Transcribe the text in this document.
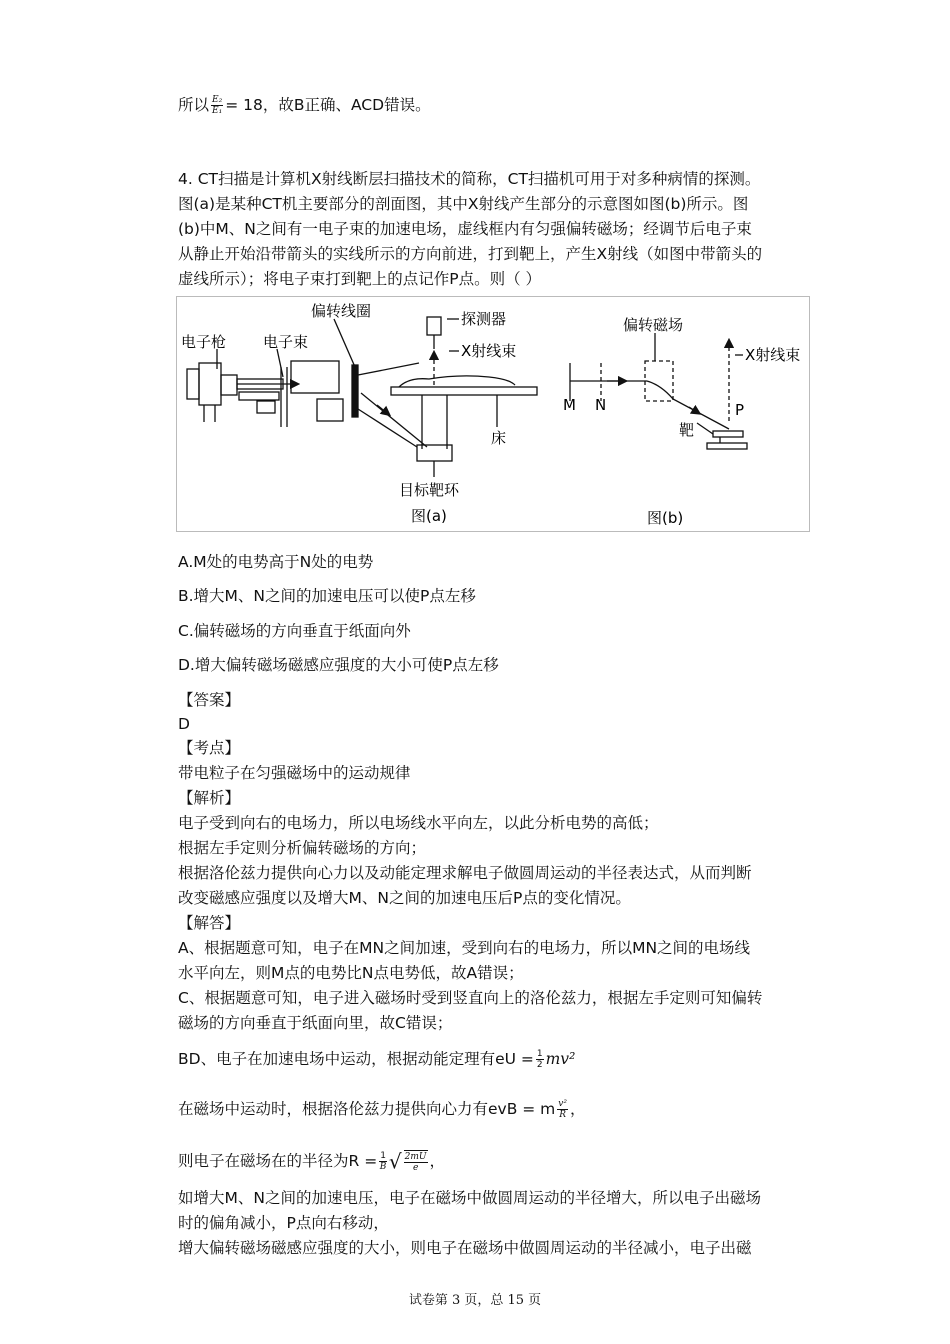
所以 $\frac{\text{E₂}}{\text{E₁}} = 18$，故B正确、ACD错误。
4. CT扫描是计算机X射线断层扫描技术的简称，CT扫描机可用于对多种病情的探测。
图(a)是某种CT机主要部分的剖面图，其中X射线产生部分的示意图如图(b)所示。图
(b)中M、N之间有一电子束的加速电场，虚线框内有匀强偏转磁场；经调节后电子束
从静止开始沿带箭头的实线所示的方向前进，打到靶上，产生X射线（如图中带箭头的
虚线所示）；将电子束打到靶上的点记作P点。则（ ）
电子枪 电子束
偏转线圈	探测器
X射线束
床
目标靶环
图(a)
偏转磁场
X射线束
M N	P
靶
图(b)
A.M处的电势高于N处的电势
B.增大M、N之间的加速电压可以使P点左移
C.偏转磁场的方向垂直于纸面向外
D.增大偏转磁场磁感应强度的大小可使P点左移
【答案】
D
【考点】
带电粒子在匀强磁场中的运动规律
【解析】
电子受到向右的电场力，所以电场线水平向左，以此分析电势的高低；
根据左手定则分析偏转磁场的方向；
根据洛伦兹力提供向心力以及动能定理求解电子做圆周运动的半径表达式，从而判断
改变磁感应强度以及增大M、N之间的加速电压后P点的变化情况。
【解答】
A、根据题意可知，电子在MN之间加速，受到向右的电场力，所以MN之间的电场线
水平向左，则M点的电势比N点电势低，故A错误；
C、根据题意可知，电子进入磁场时受到竖直向上的洛伦兹力，根据左手定则可知偏转
磁场的方向垂直于纸面向里，故C错误；
BD、电子在加速电场中运动，根据动能定理有eU = $\frac{1}{2} mv^2$
在磁场中运动时，根据洛伦兹力提供向心力有evB = m $\frac{\text{v²}}{R}$ ，
则电子在磁场在的半径为$R = \frac{1}{B}$ √ $\frac{2mU}{e}$ ，
如增大M、N之间的加速电压，电子在磁场中做圆周运动的半径增大，所以电子出磁场
时的偏角减小，P点向右移动，
增大偏转磁场磁感应强度的大小，则电子在磁场中做圆周运动的半径减小，电子出磁
试卷第 3 页，总 15 页
